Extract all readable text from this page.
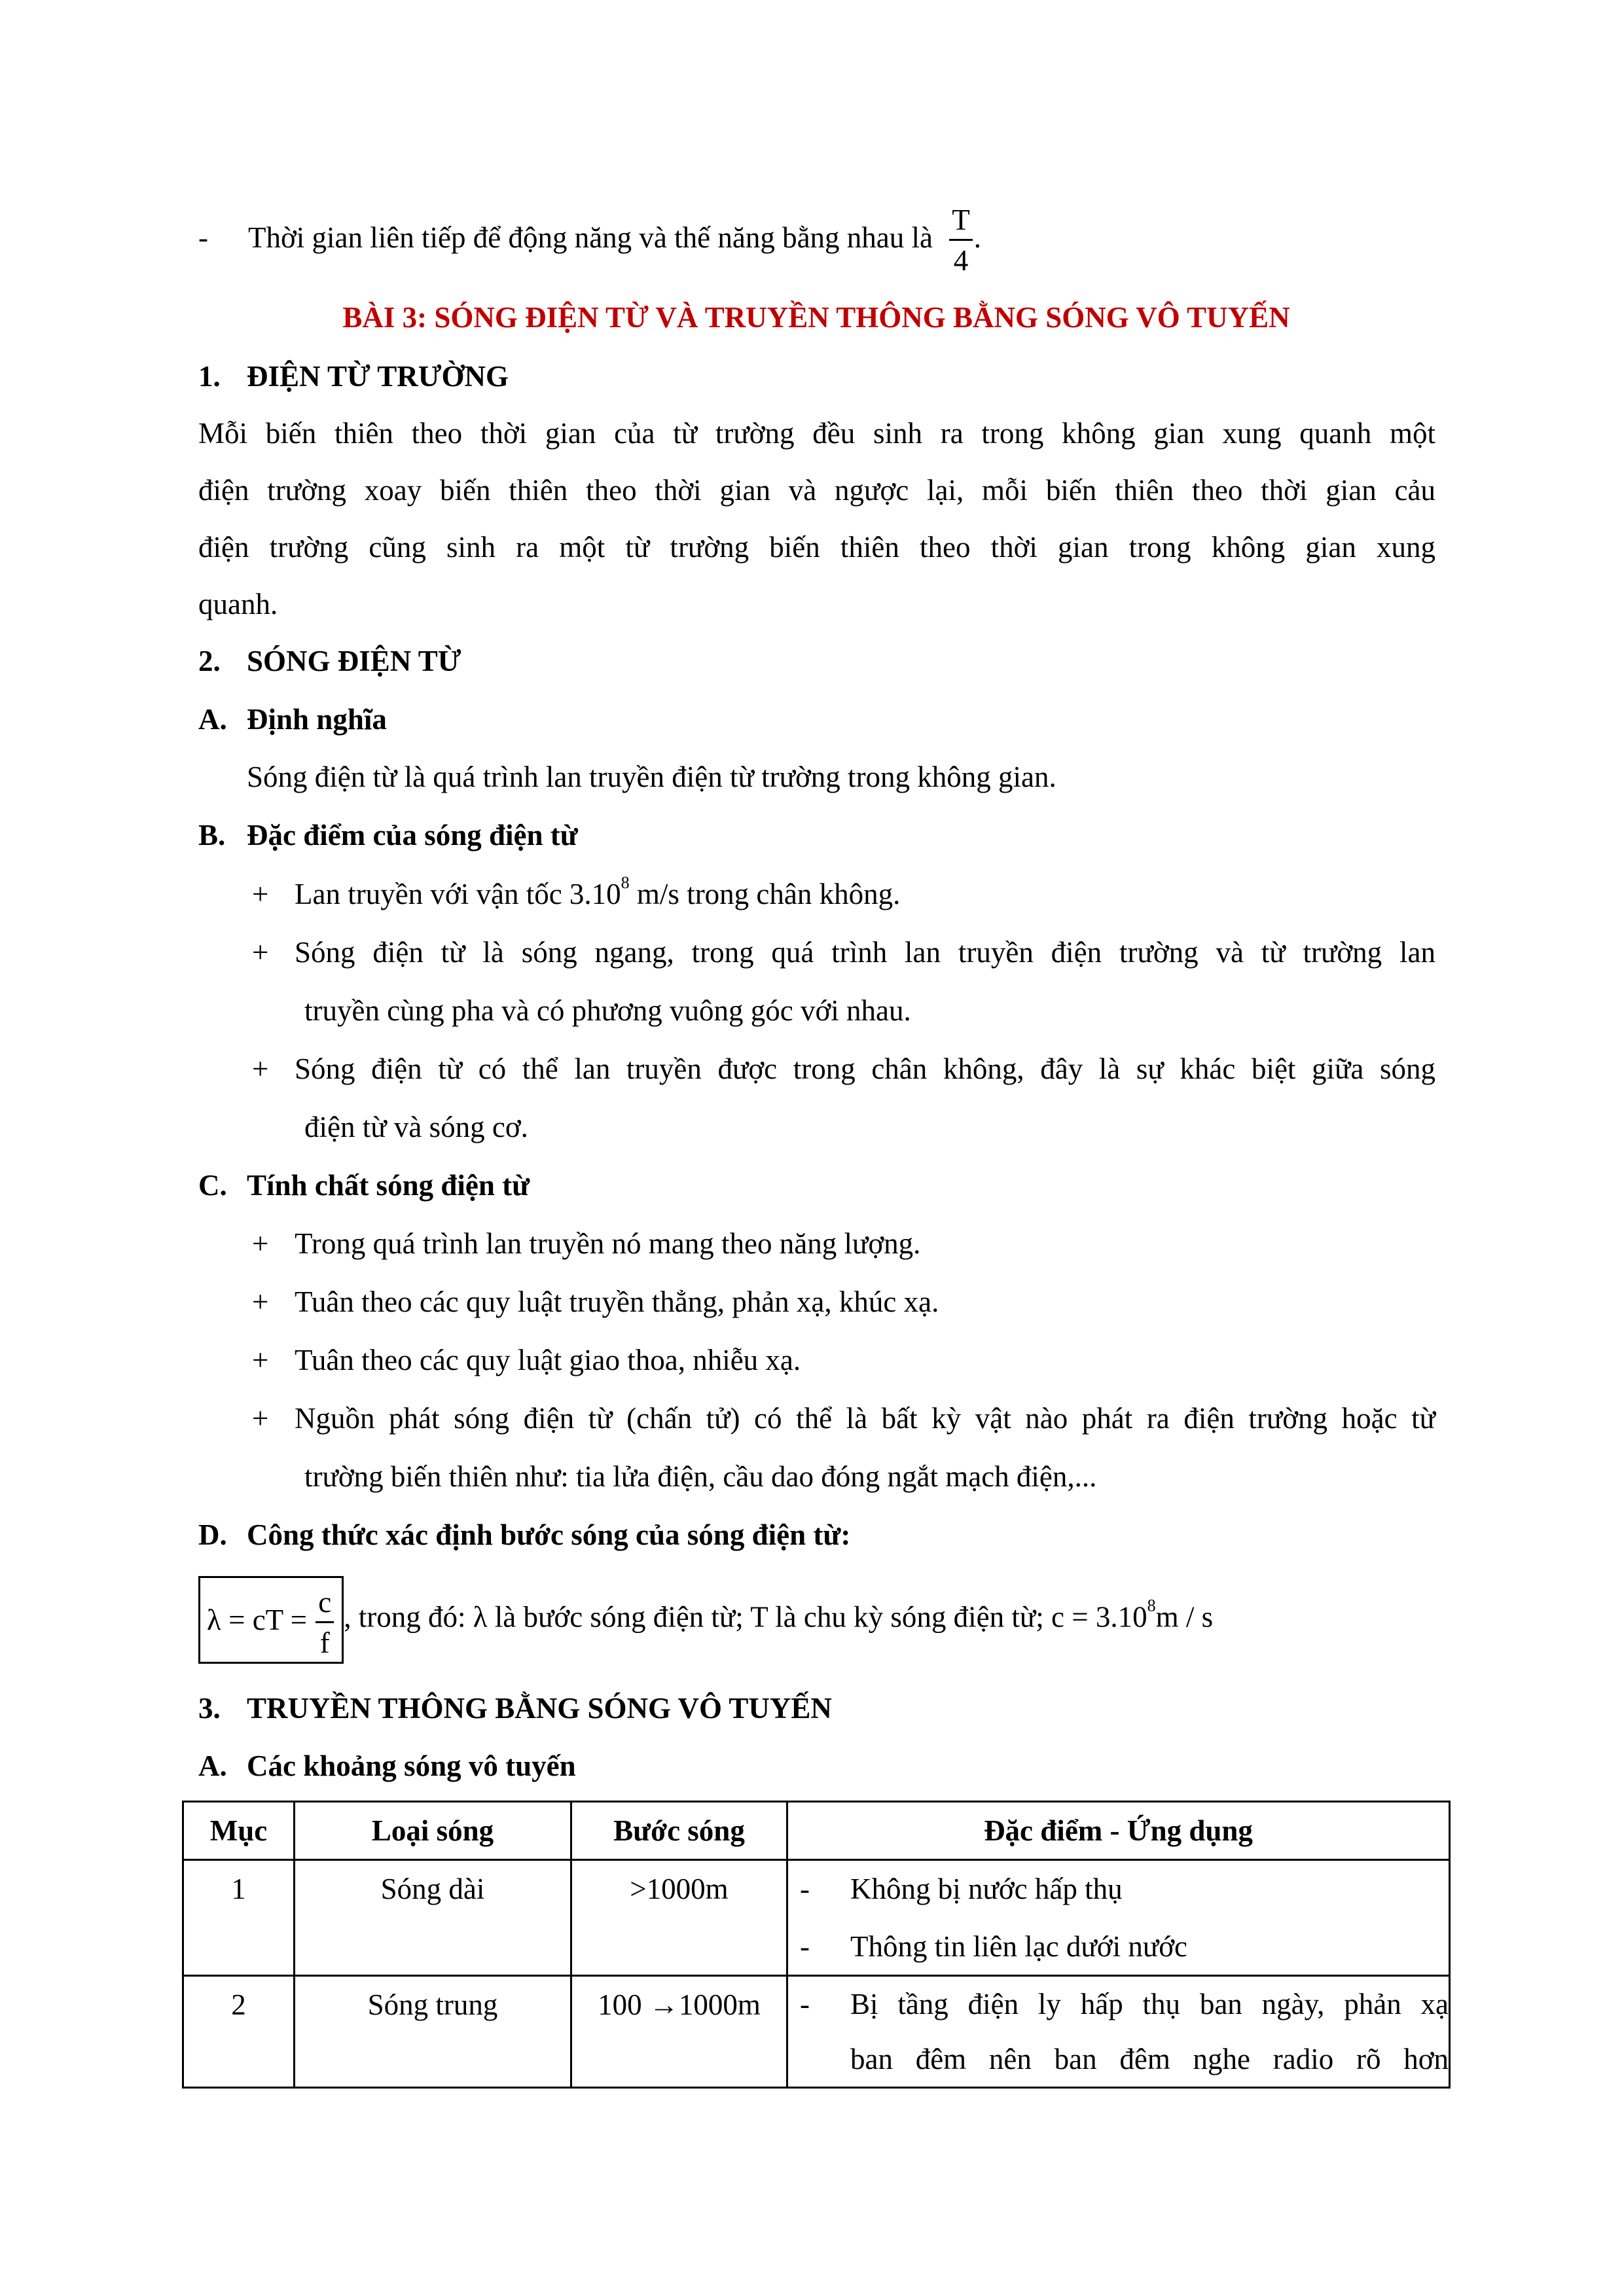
- Thời gian liên tiếp để động năng và thế năng bằng nhau là $\frac{T}{4}$ .
BÀI 3: SÓNG ĐIỆN TỪ VÀ TRUYỀN THÔNG BẰNG SÓNG VÔ TUYẾN
1. ĐIỆN TỪ TRƯỜNG
Mỗi biến thiên theo thời gian của từ trường đều sinh ra trong không gian xung quanh một
điện trường xoay biến thiên theo thời gian và ngược lại, mỗi biến thiên theo thời gian cảu
điện trường cũng sinh ra một từ trường biến thiên theo thời gian trong không gian xung
quanh.
2. SÓNG ĐIỆN TỪ
A. Định nghĩa
Sóng điện từ là quá trình lan truyền điện từ trường trong không gian.
B. Đặc điểm của sóng điện từ
+ Lan truyền với vận tốc 3.10$^8$ m/s trong chân không.
+ Sóng điện từ là sóng ngang, trong quá trình lan truyền điện trường và từ trường lan
truyền cùng pha và có phương vuông góc với nhau.
+ Sóng điện từ có thể lan truyền được trong chân không, đây là sự khác biệt giữa sóng
điện từ và sóng cơ.
C. Tính chất sóng điện từ
+ Trong quá trình lan truyền nó mang theo năng lượng.
+ Tuân theo các quy luật truyền thẳng, phản xạ, khúc xạ.
+ Tuân theo các quy luật giao thoa, nhiễu xạ.
+ Nguồn phát sóng điện từ (chấn tử) có thể là bất kỳ vật nào phát ra điện trường hoặc từ
trường biến thiên như: tia lửa điện, cầu dao đóng ngắt mạch điện,...
D. Công thức xác định bước sóng của sóng điện từ:
λ = cT = $\frac{c}{f}$ , trong đó: λ là bước sóng điện từ; T là chu kỳ sóng điện từ; $c = 3.10^8m / s$
3. TRUYỀN THÔNG BẰNG SÓNG VÔ TUYẾN
A. Các khoảng sóng vô tuyến
Mục	Loại sóng	Bước sóng	Đặc điểm - Ứng dụng
1	Sóng dài	>1000m	- Không bị nước hấp thụ
- Thông tin liên lạc dưới nước

2	Sóng trung	100 →1000m	- Bị tầng điện ly hấp thụ ban ngày, phản xạ
ban đêm nên ban đêm nghe radio rõ hơn
